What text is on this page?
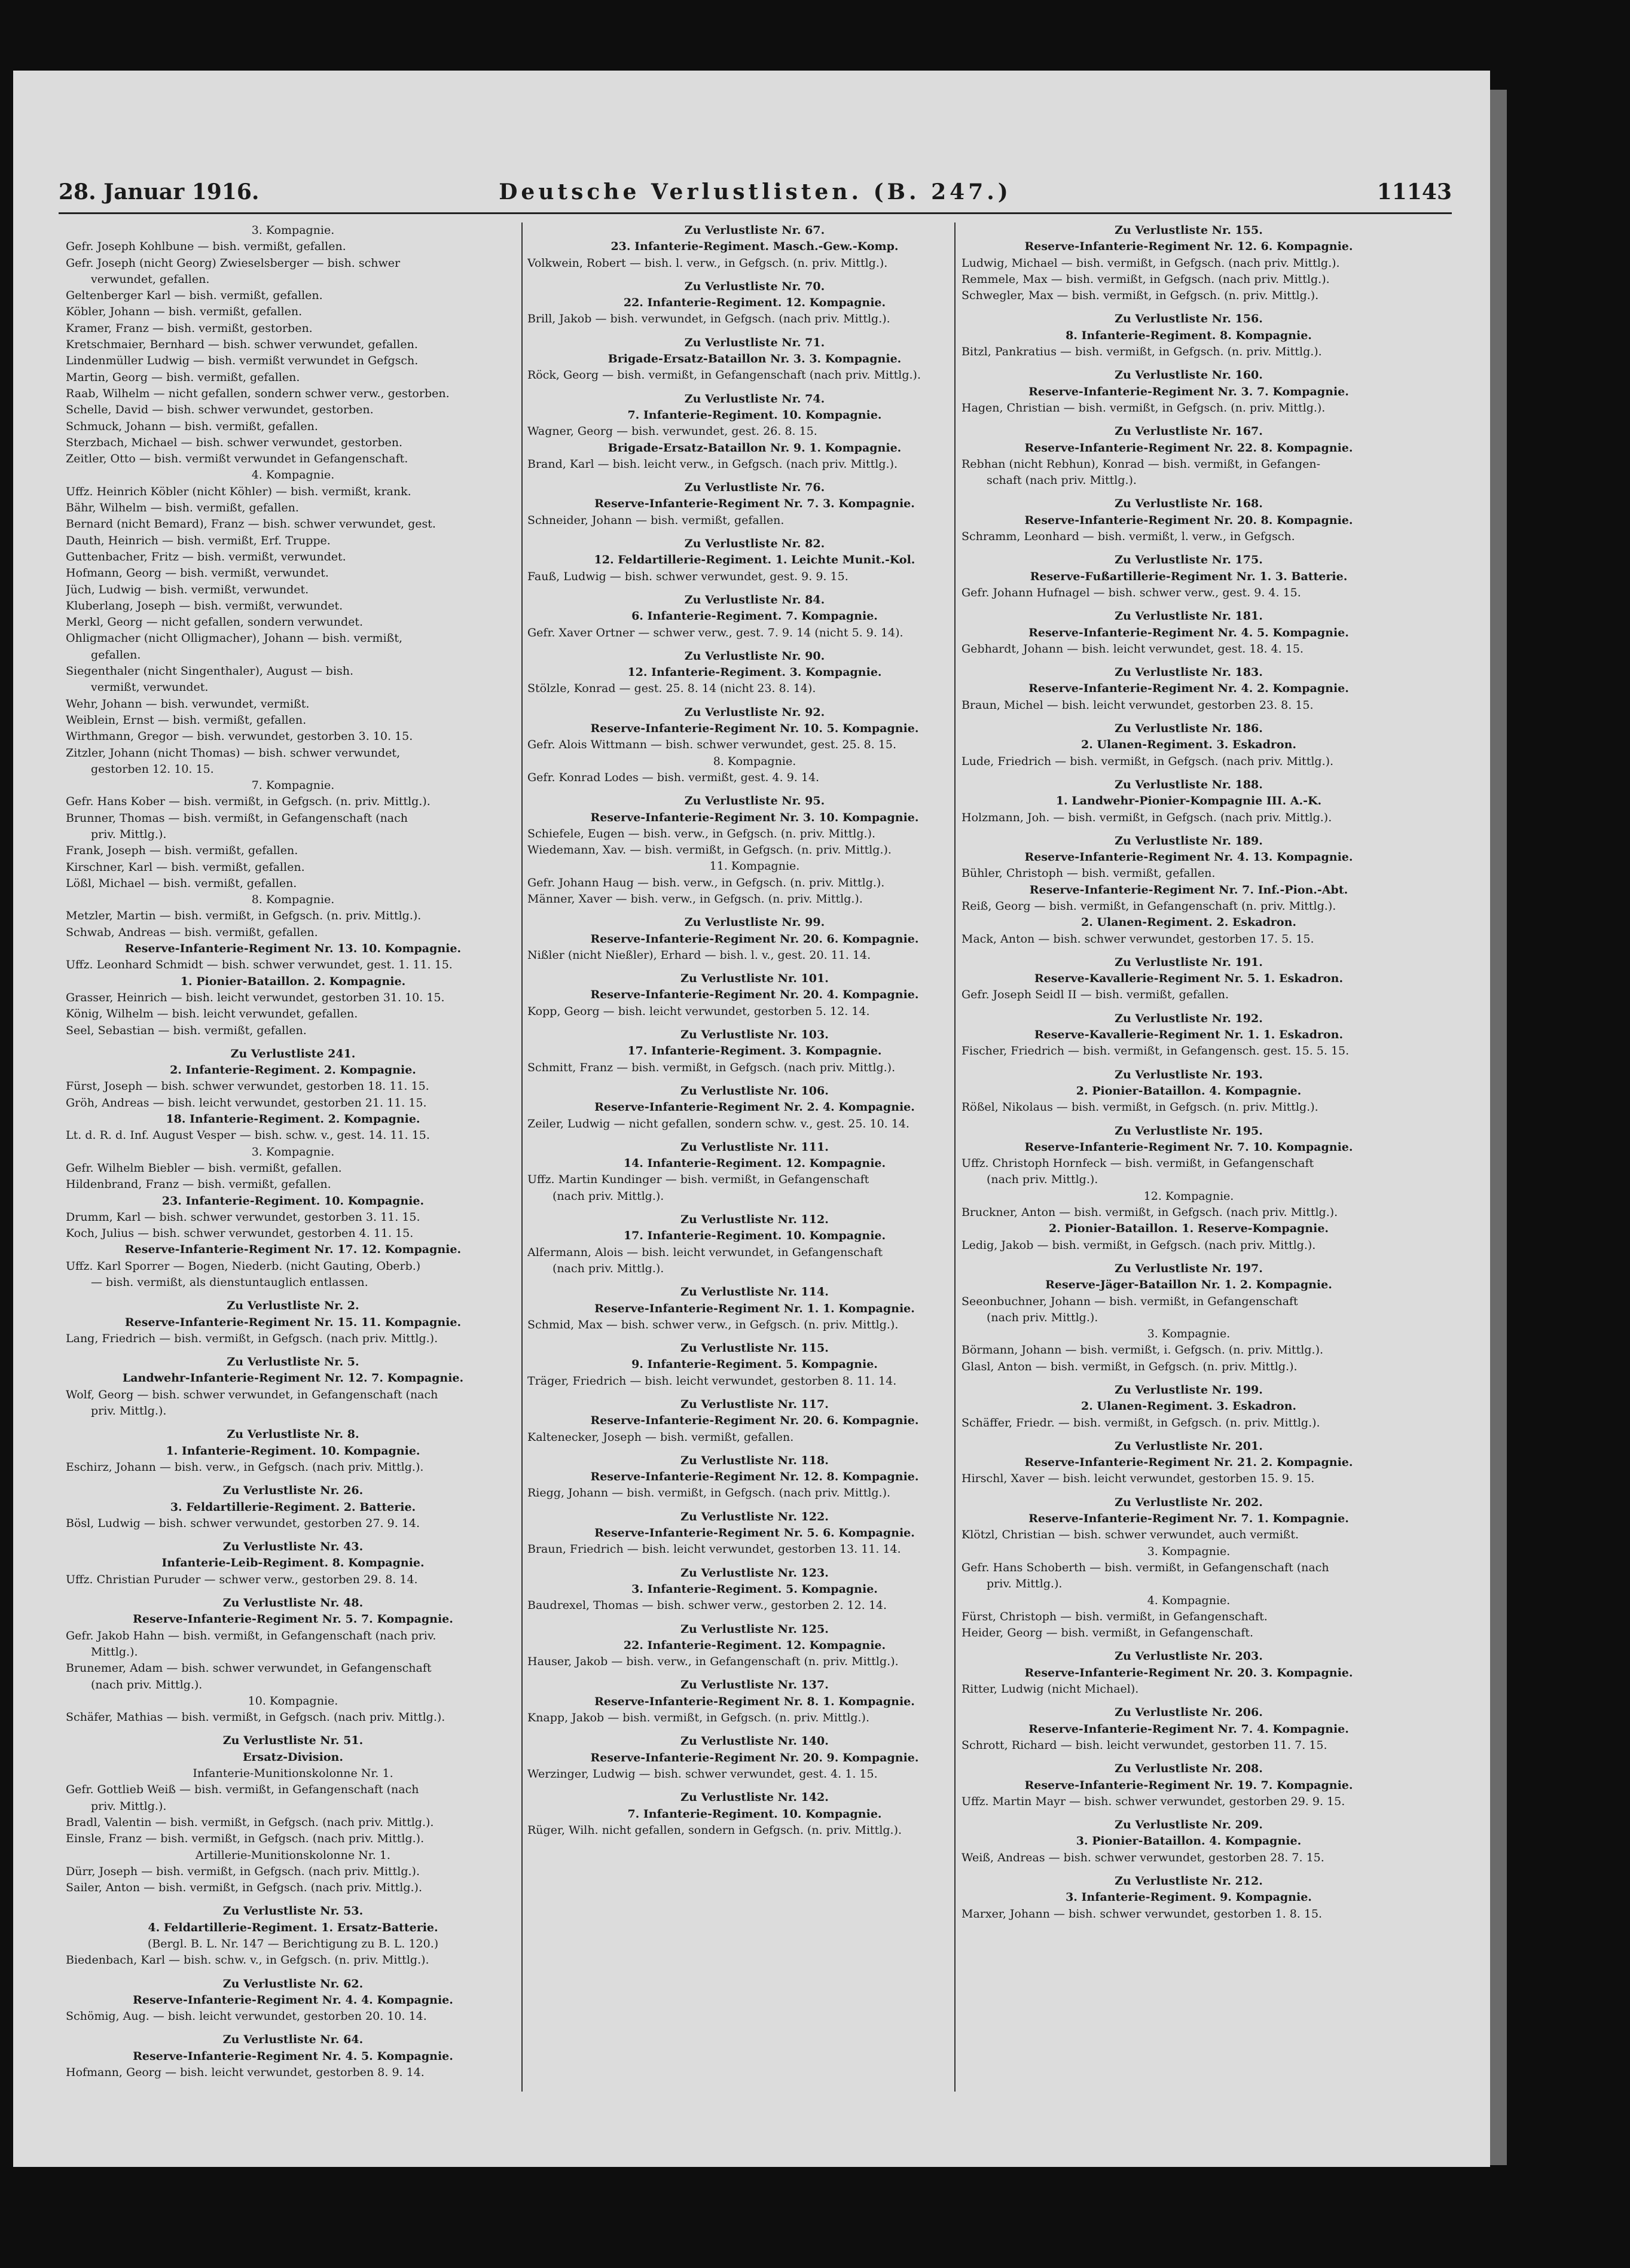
28. Januar 1916.	Deutsche Verlustlisten. (B. 247.)	11143
3. Kompagnie.
Gefr. Joseph Kohlbune — bish. vermißt, gefallen.
Gefr. Joseph (nicht Georg) Zwieselsberger — bish. schwer
verwundet, gefallen.
Geltenberger Karl — bish. vermißt, gefallen.
Köbler, Johann — bish. vermißt, gefallen.
Kramer, Franz — bish. vermißt, gestorben.
Kretschmaier, Bernhard — bish. schwer verwundet, gefallen.
Lindenmüller Ludwig — bish. vermißt verwundet in Gefgsch.
Martin, Georg — bish. vermißt, gefallen.
Raab, Wilhelm — nicht gefallen, sondern schwer verw., gestorben.
Schelle, David — bish. schwer verwundet, gestorben.
Schmuck, Johann — bish. vermißt, gefallen.
Sterzbach, Michael — bish. schwer verwundet, gestorben.
Zeitler, Otto — bish. vermißt verwundet in Gefangenschaft.
4. Kompagnie.
Uffz. Heinrich Köbler (nicht Köhler) — bish. vermißt, krank.
Bähr, Wilhelm — bish. vermißt, gefallen.
Bernard (nicht Bemard), Franz — bish. schwer verwundet, gest.
Dauth, Heinrich — bish. vermißt, Erf. Truppe.
Guttenbacher, Fritz — bish. vermißt, verwundet.
Hofmann, Georg — bish. vermißt, verwundet.
Jüch, Ludwig — bish. vermißt, verwundet.
Kluberlang, Joseph — bish. vermißt, verwundet.
Merkl, Georg — nicht gefallen, sondern verwundet.
Ohligmacher (nicht Olligmacher), Johann — bish. vermißt,
gefallen.
Siegenthaler (nicht Singenthaler), August — bish.
vermißt, verwundet.
Wehr, Johann — bish. verwundet, vermißt.
Weiblein, Ernst — bish. vermißt, gefallen.
Wirthmann, Gregor — bish. verwundet, gestorben 3. 10. 15.
Zitzler, Johann (nicht Thomas) — bish. schwer verwundet,
gestorben 12. 10. 15.
7. Kompagnie.
Gefr. Hans Kober — bish. vermißt, in Gefgsch. (n. priv. Mittlg.).
Brunner, Thomas — bish. vermißt, in Gefangenschaft (nach
priv. Mittlg.).
Frank, Joseph — bish. vermißt, gefallen.
Kirschner, Karl — bish. vermißt, gefallen.
Lößl, Michael — bish. vermißt, gefallen.
8. Kompagnie.
Metzler, Martin — bish. vermißt, in Gefgsch. (n. priv. Mittlg.).
Schwab, Andreas — bish. vermißt, gefallen.
Reserve-Infanterie-Regiment Nr. 13. 10. Kompagnie.
Uffz. Leonhard Schmidt — bish. schwer verwundet, gest. 1. 11. 15.
1. Pionier-Bataillon. 2. Kompagnie.
Grasser, Heinrich — bish. leicht verwundet, gestorben 31. 10. 15.
König, Wilhelm — bish. leicht verwundet, gefallen.
Seel, Sebastian — bish. vermißt, gefallen.
Zu Verlustliste 241.
2. Infanterie-Regiment. 2. Kompagnie.
Fürst, Joseph — bish. schwer verwundet, gestorben 18. 11. 15.
Gröh, Andreas — bish. leicht verwundet, gestorben 21. 11. 15.
18. Infanterie-Regiment. 2. Kompagnie.
Lt. d. R. d. Inf. August Vesper — bish. schw. v., gest. 14. 11. 15.
3. Kompagnie.
Gefr. Wilhelm Biebler — bish. vermißt, gefallen.
Hildenbrand, Franz — bish. vermißt, gefallen.
23. Infanterie-Regiment. 10. Kompagnie.
Drumm, Karl — bish. schwer verwundet, gestorben 3. 11. 15.
Koch, Julius — bish. schwer verwundet, gestorben 4. 11. 15.
Reserve-Infanterie-Regiment Nr. 17. 12. Kompagnie.
Uffz. Karl Sporrer — Bogen, Niederb. (nicht Gauting, Oberb.)
— bish. vermißt, als dienstuntauglich entlassen.
Zu Verlustliste Nr. 2.
Reserve-Infanterie-Regiment Nr. 15. 11. Kompagnie.
Lang, Friedrich — bish. vermißt, in Gefgsch. (nach priv. Mittlg.).
Zu Verlustliste Nr. 5.
Landwehr-Infanterie-Regiment Nr. 12. 7. Kompagnie.
Wolf, Georg — bish. schwer verwundet, in Gefangenschaft (nach
priv. Mittlg.).
Zu Verlustliste Nr. 8.
1. Infanterie-Regiment. 10. Kompagnie.
Eschirz, Johann — bish. verw., in Gefgsch. (nach priv. Mittlg.).
Zu Verlustliste Nr. 26.
3. Feldartillerie-Regiment. 2. Batterie.
Bösl, Ludwig — bish. schwer verwundet, gestorben 27. 9. 14.
Zu Verlustliste Nr. 43.
Infanterie-Leib-Regiment. 8. Kompagnie.
Uffz. Christian Puruder — schwer verw., gestorben 29. 8. 14.
Zu Verlustliste Nr. 48.
Reserve-Infanterie-Regiment Nr. 5. 7. Kompagnie.
Gefr. Jakob Hahn — bish. vermißt, in Gefangenschaft (nach priv.
Mittlg.).
Brunemer, Adam — bish. schwer verwundet, in Gefangenschaft
(nach priv. Mittlg.).
10. Kompagnie.
Schäfer, Mathias — bish. vermißt, in Gefgsch. (nach priv. Mittlg.).
Zu Verlustliste Nr. 51.
Ersatz-Division.
Infanterie-Munitionskolonne Nr. 1.
Gefr. Gottlieb Weiß — bish. vermißt, in Gefangenschaft (nach
priv. Mittlg.).
Bradl, Valentin — bish. vermißt, in Gefgsch. (nach priv. Mittlg.).
Einsle, Franz — bish. vermißt, in Gefgsch. (nach priv. Mittlg.).
Artillerie-Munitionskolonne Nr. 1.
Dürr, Joseph — bish. vermißt, in Gefgsch. (nach priv. Mittlg.).
Sailer, Anton — bish. vermißt, in Gefgsch. (nach priv. Mittlg.).
Zu Verlustliste Nr. 53.
4. Feldartillerie-Regiment. 1. Ersatz-Batterie.
(Bergl. B. L. Nr. 147 — Berichtigung zu B. L. 120.)
Biedenbach, Karl — bish. schw. v., in Gefgsch. (n. priv. Mittlg.).
Zu Verlustliste Nr. 62.
Reserve-Infanterie-Regiment Nr. 4. 4. Kompagnie.
Schömig, Aug. — bish. leicht verwundet, gestorben 20. 10. 14.
Zu Verlustliste Nr. 64.
Reserve-Infanterie-Regiment Nr. 4. 5. Kompagnie.
Hofmann, Georg — bish. leicht verwundet, gestorben 8. 9. 14.
Zu Verlustliste Nr. 67.
23. Infanterie-Regiment. Masch.-Gew.-Komp.
Volkwein, Robert — bish. l. verw., in Gefgsch. (n. priv. Mittlg.).
Zu Verlustliste Nr. 70.
22. Infanterie-Regiment. 12. Kompagnie.
Brill, Jakob — bish. verwundet, in Gefgsch. (nach priv. Mittlg.).
Zu Verlustliste Nr. 71.
Brigade-Ersatz-Bataillon Nr. 3. 3. Kompagnie.
Röck, Georg — bish. vermißt, in Gefangenschaft (nach priv. Mittlg.).
Zu Verlustliste Nr. 74.
7. Infanterie-Regiment. 10. Kompagnie.
Wagner, Georg — bish. verwundet, gest. 26. 8. 15.
Brigade-Ersatz-Bataillon Nr. 9. 1. Kompagnie.
Brand, Karl — bish. leicht verw., in Gefgsch. (nach priv. Mittlg.).
Zu Verlustliste Nr. 76.
Reserve-Infanterie-Regiment Nr. 7. 3. Kompagnie.
Schneider, Johann — bish. vermißt, gefallen.
Zu Verlustliste Nr. 82.
12. Feldartillerie-Regiment. 1. Leichte Munit.-Kol.
Fauß, Ludwig — bish. schwer verwundet, gest. 9. 9. 15.
Zu Verlustliste Nr. 84.
6. Infanterie-Regiment. 7. Kompagnie.
Gefr. Xaver Ortner — schwer verw., gest. 7. 9. 14 (nicht 5. 9. 14).
Zu Verlustliste Nr. 90.
12. Infanterie-Regiment. 3. Kompagnie.
Stölzle, Konrad — gest. 25. 8. 14 (nicht 23. 8. 14).
Zu Verlustliste Nr. 92.
Reserve-Infanterie-Regiment Nr. 10. 5. Kompagnie.
Gefr. Alois Wittmann — bish. schwer verwundet, gest. 25. 8. 15.
8. Kompagnie.
Gefr. Konrad Lodes — bish. vermißt, gest. 4. 9. 14.
Zu Verlustliste Nr. 95.
Reserve-Infanterie-Regiment Nr. 3. 10. Kompagnie.
Schiefele, Eugen — bish. verw., in Gefgsch. (n. priv. Mittlg.).
Wiedemann, Xav. — bish. vermißt, in Gefgsch. (n. priv. Mittlg.).
11. Kompagnie.
Gefr. Johann Haug — bish. verw., in Gefgsch. (n. priv. Mittlg.).
Männer, Xaver — bish. verw., in Gefgsch. (n. priv. Mittlg.).
Zu Verlustliste Nr. 99.
Reserve-Infanterie-Regiment Nr. 20. 6. Kompagnie.
Nißler (nicht Nießler), Erhard — bish. l. v., gest. 20. 11. 14.
Zu Verlustliste Nr. 101.
Reserve-Infanterie-Regiment Nr. 20. 4. Kompagnie.
Kopp, Georg — bish. leicht verwundet, gestorben 5. 12. 14.
Zu Verlustliste Nr. 103.
17. Infanterie-Regiment. 3. Kompagnie.
Schmitt, Franz — bish. vermißt, in Gefgsch. (nach priv. Mittlg.).
Zu Verlustliste Nr. 106.
Reserve-Infanterie-Regiment Nr. 2. 4. Kompagnie.
Zeiler, Ludwig — nicht gefallen, sondern schw. v., gest. 25. 10. 14.
Zu Verlustliste Nr. 111.
14. Infanterie-Regiment. 12. Kompagnie.
Uffz. Martin Kundinger — bish. vermißt, in Gefangenschaft
(nach priv. Mittlg.).
Zu Verlustliste Nr. 112.
17. Infanterie-Regiment. 10. Kompagnie.
Alfermann, Alois — bish. leicht verwundet, in Gefangenschaft
(nach priv. Mittlg.).
Zu Verlustliste Nr. 114.
Reserve-Infanterie-Regiment Nr. 1. 1. Kompagnie.
Schmid, Max — bish. schwer verw., in Gefgsch. (n. priv. Mittlg.).
Zu Verlustliste Nr. 115.
9. Infanterie-Regiment. 5. Kompagnie.
Träger, Friedrich — bish. leicht verwundet, gestorben 8. 11. 14.
Zu Verlustliste Nr. 117.
Reserve-Infanterie-Regiment Nr. 20. 6. Kompagnie.
Kaltenecker, Joseph — bish. vermißt, gefallen.
Zu Verlustliste Nr. 118.
Reserve-Infanterie-Regiment Nr. 12. 8. Kompagnie.
Riegg, Johann — bish. vermißt, in Gefgsch. (nach priv. Mittlg.).
Zu Verlustliste Nr. 122.
Reserve-Infanterie-Regiment Nr. 5. 6. Kompagnie.
Braun, Friedrich — bish. leicht verwundet, gestorben 13. 11. 14.
Zu Verlustliste Nr. 123.
3. Infanterie-Regiment. 5. Kompagnie.
Baudrexel, Thomas — bish. schwer verw., gestorben 2. 12. 14.
Zu Verlustliste Nr. 125.
22. Infanterie-Regiment. 12. Kompagnie.
Hauser, Jakob — bish. verw., in Gefangenschaft (n. priv. Mittlg.).
Zu Verlustliste Nr. 137.
Reserve-Infanterie-Regiment Nr. 8. 1. Kompagnie.
Knapp, Jakob — bish. vermißt, in Gefgsch. (n. priv. Mittlg.).
Zu Verlustliste Nr. 140.
Reserve-Infanterie-Regiment Nr. 20. 9. Kompagnie.
Werzinger, Ludwig — bish. schwer verwundet, gest. 4. 1. 15.
Zu Verlustliste Nr. 142.
7. Infanterie-Regiment. 10. Kompagnie.
Rüger, Wilh. nicht gefallen, sondern in Gefgsch. (n. priv. Mittlg.).
Zu Verlustliste Nr. 155.
Reserve-Infanterie-Regiment Nr. 12. 6. Kompagnie.
Ludwig, Michael — bish. vermißt, in Gefgsch. (nach priv. Mittlg.).
Remmele, Max — bish. vermißt, in Gefgsch. (nach priv. Mittlg.).
Schwegler, Max — bish. vermißt, in Gefgsch. (n. priv. Mittlg.).
Zu Verlustliste Nr. 156.
8. Infanterie-Regiment. 8. Kompagnie.
Bitzl, Pankratius — bish. vermißt, in Gefgsch. (n. priv. Mittlg.).
Zu Verlustliste Nr. 160.
Reserve-Infanterie-Regiment Nr. 3. 7. Kompagnie.
Hagen, Christian — bish. vermißt, in Gefgsch. (n. priv. Mittlg.).
Zu Verlustliste Nr. 167.
Reserve-Infanterie-Regiment Nr. 22. 8. Kompagnie.
Rebhan (nicht Rebhun), Konrad — bish. vermißt, in Gefangen-
schaft (nach priv. Mittlg.).
Zu Verlustliste Nr. 168.
Reserve-Infanterie-Regiment Nr. 20. 8. Kompagnie.
Schramm, Leonhard — bish. vermißt, l. verw., in Gefgsch.
Zu Verlustliste Nr. 175.
Reserve-Fußartillerie-Regiment Nr. 1. 3. Batterie.
Gefr. Johann Hufnagel — bish. schwer verw., gest. 9. 4. 15.
Zu Verlustliste Nr. 181.
Reserve-Infanterie-Regiment Nr. 4. 5. Kompagnie.
Gebhardt, Johann — bish. leicht verwundet, gest. 18. 4. 15.
Zu Verlustliste Nr. 183.
Reserve-Infanterie-Regiment Nr. 4. 2. Kompagnie.
Braun, Michel — bish. leicht verwundet, gestorben 23. 8. 15.
Zu Verlustliste Nr. 186.
2. Ulanen-Regiment. 3. Eskadron.
Lude, Friedrich — bish. vermißt, in Gefgsch. (nach priv. Mittlg.).
Zu Verlustliste Nr. 188.
1. Landwehr-Pionier-Kompagnie III. A.-K.
Holzmann, Joh. — bish. vermißt, in Gefgsch. (nach priv. Mittlg.).
Zu Verlustliste Nr. 189.
Reserve-Infanterie-Regiment Nr. 4. 13. Kompagnie.
Bühler, Christoph — bish. vermißt, gefallen.
Reserve-Infanterie-Regiment Nr. 7. Inf.-Pion.-Abt.
Reiß, Georg — bish. vermißt, in Gefangenschaft (n. priv. Mittlg.).
2. Ulanen-Regiment. 2. Eskadron.
Mack, Anton — bish. schwer verwundet, gestorben 17. 5. 15.
Zu Verlustliste Nr. 191.
Reserve-Kavallerie-Regiment Nr. 5. 1. Eskadron.
Gefr. Joseph Seidl II — bish. vermißt, gefallen.
Zu Verlustliste Nr. 192.
Reserve-Kavallerie-Regiment Nr. 1. 1. Eskadron.
Fischer, Friedrich — bish. vermißt, in Gefangensch. gest. 15. 5. 15.
Zu Verlustliste Nr. 193.
2. Pionier-Bataillon. 4. Kompagnie.
Rößel, Nikolaus — bish. vermißt, in Gefgsch. (n. priv. Mittlg.).
Zu Verlustliste Nr. 195.
Reserve-Infanterie-Regiment Nr. 7. 10. Kompagnie.
Uffz. Christoph Hornfeck — bish. vermißt, in Gefangenschaft
(nach priv. Mittlg.).
12. Kompagnie.
Bruckner, Anton — bish. vermißt, in Gefgsch. (nach priv. Mittlg.).
2. Pionier-Bataillon. 1. Reserve-Kompagnie.
Ledig, Jakob — bish. vermißt, in Gefgsch. (nach priv. Mittlg.).
Zu Verlustliste Nr. 197.
Reserve-Jäger-Bataillon Nr. 1. 2. Kompagnie.
Seeonbuchner, Johann — bish. vermißt, in Gefangenschaft
(nach priv. Mittlg.).
3. Kompagnie.
Börmann, Johann — bish. vermißt, i. Gefgsch. (n. priv. Mittlg.).
Glasl, Anton — bish. vermißt, in Gefgsch. (n. priv. Mittlg.).
Zu Verlustliste Nr. 199.
2. Ulanen-Regiment. 3. Eskadron.
Schäffer, Friedr. — bish. vermißt, in Gefgsch. (n. priv. Mittlg.).
Zu Verlustliste Nr. 201.
Reserve-Infanterie-Regiment Nr. 21. 2. Kompagnie.
Hirschl, Xaver — bish. leicht verwundet, gestorben 15. 9. 15.
Zu Verlustliste Nr. 202.
Reserve-Infanterie-Regiment Nr. 7. 1. Kompagnie.
Klötzl, Christian — bish. schwer verwundet, auch vermißt.
3. Kompagnie.
Gefr. Hans Schoberth — bish. vermißt, in Gefangenschaft (nach
priv. Mittlg.).
4. Kompagnie.
Fürst, Christoph — bish. vermißt, in Gefangenschaft.
Heider, Georg — bish. vermißt, in Gefangenschaft.
Zu Verlustliste Nr. 203.
Reserve-Infanterie-Regiment Nr. 20. 3. Kompagnie.
Ritter, Ludwig (nicht Michael).
Zu Verlustliste Nr. 206.
Reserve-Infanterie-Regiment Nr. 7. 4. Kompagnie.
Schrott, Richard — bish. leicht verwundet, gestorben 11. 7. 15.
Zu Verlustliste Nr. 208.
Reserve-Infanterie-Regiment Nr. 19. 7. Kompagnie.
Uffz. Martin Mayr — bish. schwer verwundet, gestorben 29. 9. 15.
Zu Verlustliste Nr. 209.
3. Pionier-Bataillon. 4. Kompagnie.
Weiß, Andreas — bish. schwer verwundet, gestorben 28. 7. 15.
Zu Verlustliste Nr. 212.
3. Infanterie-Regiment. 9. Kompagnie.
Marxer, Johann — bish. schwer verwundet, gestorben 1. 8. 15.
